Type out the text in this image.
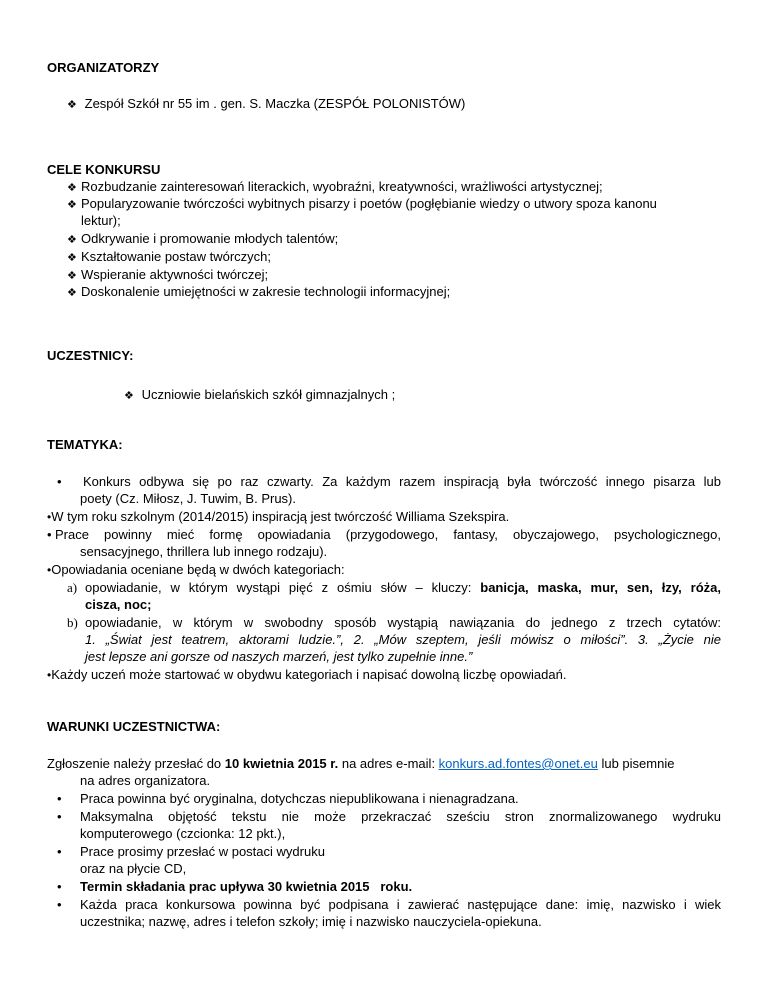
ORGANIZATORZY
❖ Zespół Szkół nr 55 im . gen. S. Maczka (ZESPÓŁ POLONISTÓW)
CELE KONKURSU
❖ Rozbudzanie zainteresowań literackich, wyobraźni, kreatywności, wrażliwości artystycznej;
❖ Popularyzowanie twórczości wybitnych pisarzy i poetów (pogłębianie wiedzy o utwory spoza kanonu
lektur);
❖ Odkrywanie i promowanie młodych talentów;
❖ Kształtowanie postaw twórczych;
❖ Wspieranie aktywności twórczej;
❖ Doskonalenie umiejętności w zakresie technologii informacyjnej;
UCZESTNICY:
❖ Uczniowie bielańskich szkół gimnazjalnych ;
TEMATYKA:
• Konkurs odbywa się po raz czwarty. Za każdym razem inspiracją była twórczość innego pisarza lub
poety (Cz. Miłosz, J. Tuwim, B. Prus).
•W tym roku szkolnym (2014/2015) inspiracją jest twórczość Williama Szekspira.
• Prace powinny mieć formę opowiadania (przygodowego, fantasy, obyczajowego, psychologicznego,
sensacyjnego, thrillera lub innego rodzaju).
•Opowiadania oceniane będą w dwóch kategoriach:
a) opowiadanie, w którym wystąpi pięć z ośmiu słów – kluczy: banicja, maska, mur, sen, łzy, róża,
cisza, noc;
b) opowiadanie, w którym w swobodny sposób wystąpią nawiązania do jednego z trzech cytatów:
1. „Świat jest teatrem, aktorami ludzie.”, 2. „Mów szeptem, jeśli mówisz o miłości”. 3. „Życie nie
jest lepsze ani gorsze od naszych marzeń, jest tylko zupełnie inne.”
•Każdy uczeń może startować w obydwu kategoriach i napisać dowolną liczbę opowiadań.
WARUNKI UCZESTNICTWA:
Zgłoszenie należy przesłać do 10 kwietnia 2015 r. na adres e-mail: konkurs.ad.fontes@onet.eu lub pisemnie
na adres organizatora.
• Praca powinna być oryginalna, dotychczas niepublikowana i nienagradzana.
• Maksymalna objętość tekstu nie może przekraczać sześciu stron znormalizowanego wydruku
komputerowego (czcionka: 12 pkt.),
• Prace prosimy przesłać w postaci wydruku
oraz na płycie CD,
• Termin składania prac upływa 30 kwietnia 2015   roku.
• Każda praca konkursowa powinna być podpisana i zawierać następujące dane: imię, nazwisko i wiek
uczestnika; nazwę, adres i telefon szkoły; imię i nazwisko nauczyciela-opiekuna.
